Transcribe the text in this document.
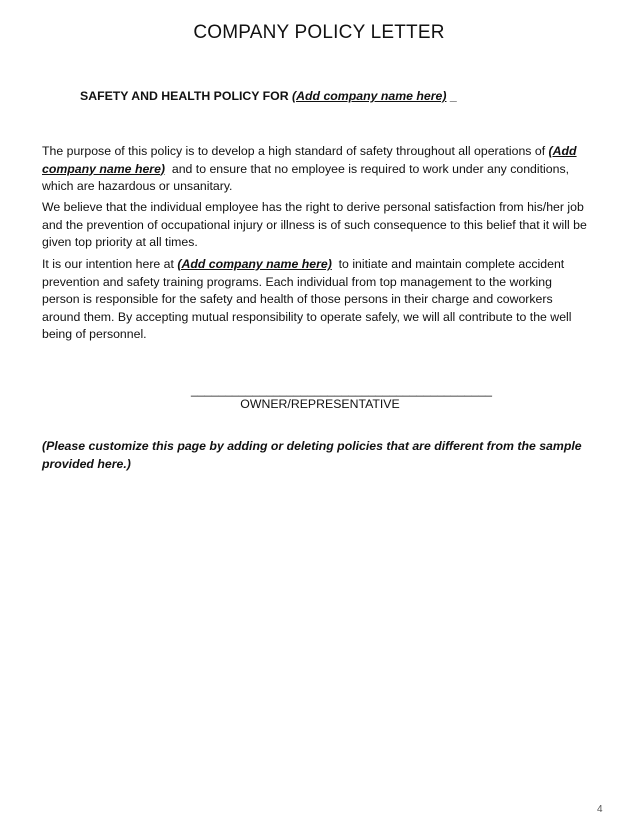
COMPANY POLICY LETTER
SAFETY AND HEALTH POLICY FOR (Add company name here) _

The purpose of this policy is to develop a high standard of safety throughout all operations of (Add
company name here) and to ensure that no employee is required to work under any conditions,
which are hazardous or unsanitary.

We believe that the individual employee has the right to derive personal satisfaction from his/her job
and the prevention of occupational injury or illness is of such consequence to this belief that it will be
given top priority at all times.

It is our intention here at (Add company name here) to initiate and maintain complete accident
prevention and safety training programs. Each individual from top management to the working
person is responsible for the safety and health of those persons in their charge and coworkers
around them. By accepting mutual responsibility to operate safely, we will all contribute to the well
being of personnel.

____________________________________________
OWNER/REPRESENTATIVE
(Please customize this page by adding or deleting policies that are different from the sample
provided here.)
4
